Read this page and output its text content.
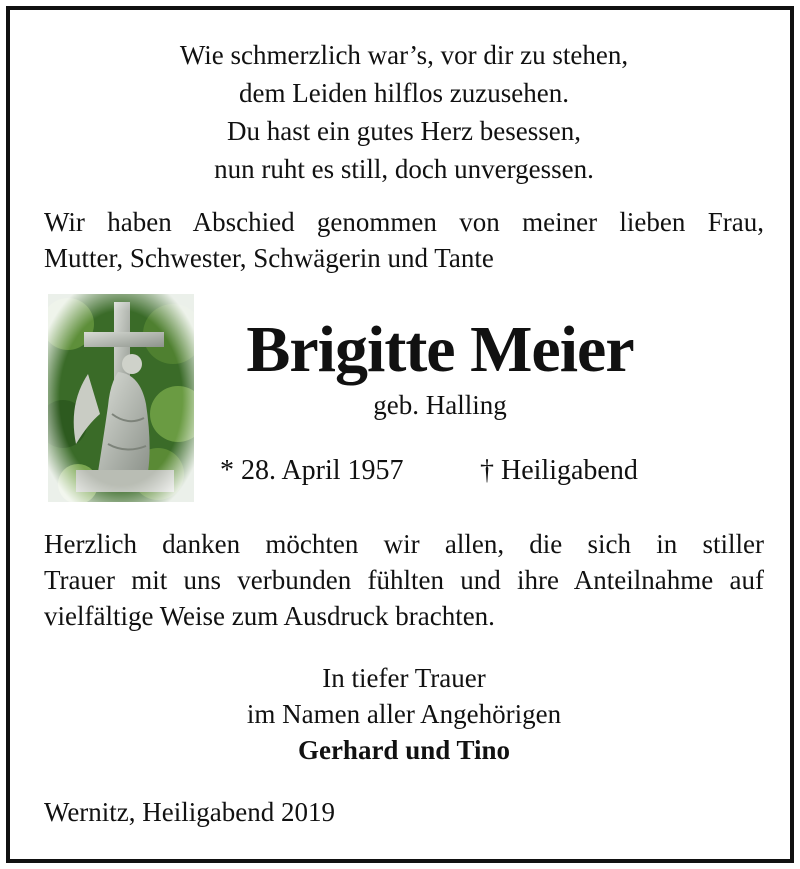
Wie schmerzlich war’s, vor dir zu stehen,
dem Leiden hilflos zuzusehen.
Du hast ein gutes Herz besessen,
nun ruht es still, doch unvergessen.
Wir haben Abschied genommen von meiner lieben Frau,
Mutter, Schwester, Schwägerin und Tante
Brigitte Meier
geb. Halling
* 28. April 1957	† Heiligabend
Herzlich danken möchten wir allen, die sich in stiller
Trauer mit uns verbunden fühlten und ihre Anteilnahme auf
vielfältige Weise zum Ausdruck brachten.
In tiefer Trauer
im Namen aller Angehörigen
Gerhard und Tino
Wernitz, Heiligabend 2019
